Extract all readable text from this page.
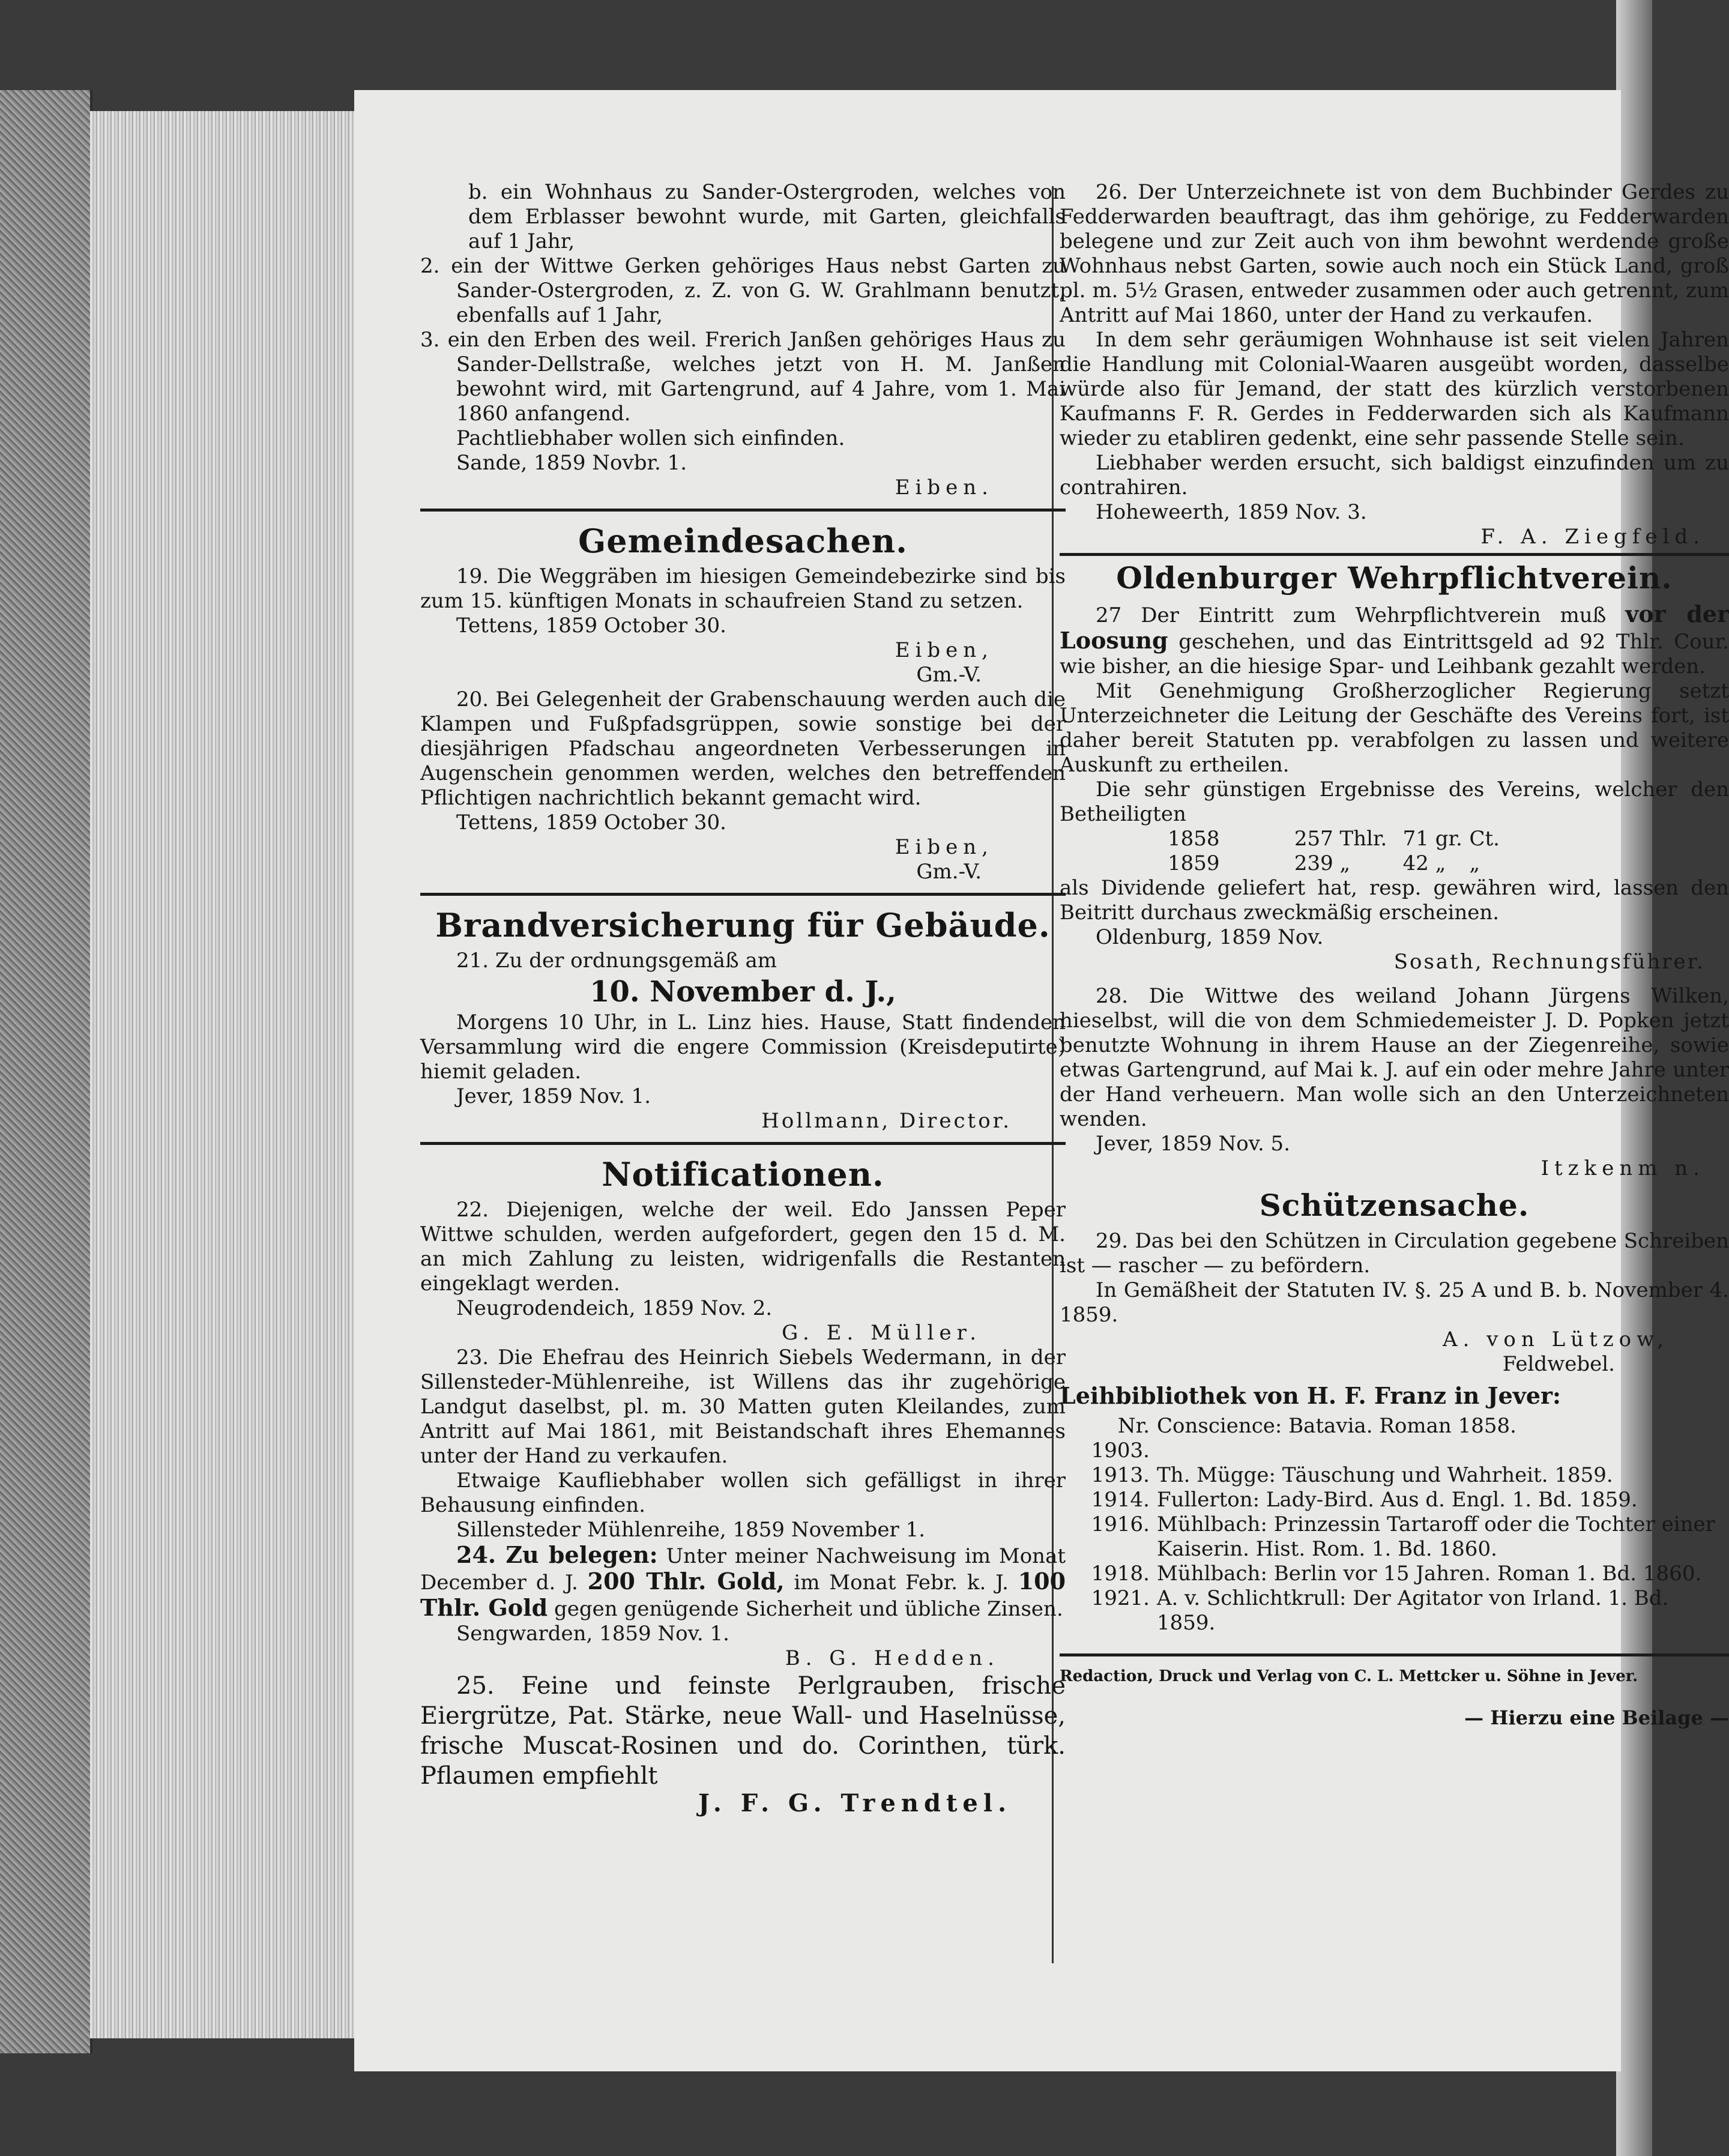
b. ein Wohnhaus zu Sander-Ostergroden, welches von dem Erblasser bewohnt wurde, mit Garten, gleichfalls auf 1 Jahr,

2. ein der Wittwe Gerken gehöriges Haus nebst Garten zu Sander-Ostergroden, z. Z. von G. W. Grahlmann benutzt, ebenfalls auf 1 Jahr,

3. ein den Erben des weil. Frerich Janßen gehöriges Haus zu Sander-Dellstraße, welches jetzt von H. M. Janßen bewohnt wird, mit Gartengrund, auf 4 Jahre, vom 1. Mai 1860 anfangend.

Pachtliebhaber wollen sich einfinden.

Sande, 1859 Novbr. 1.

Eiben.

Gemeindesachen.

19. Die Weggräben im hiesigen Gemeindebezirke sind bis zum 15. künftigen Monats in schaufreien Stand zu setzen.

Tettens, 1859 October 30.

Eiben,

Gm.-V.

20. Bei Gelegenheit der Grabenschauung werden auch die Klampen und Fußpfadsgrüppen, sowie sonstige bei der diesjährigen Pfadschau angeordneten Verbesserungen in Augenschein genommen werden, welches den betreffenden Pflichtigen nachrichtlich bekannt gemacht wird.

Tettens, 1859 October 30.

Eiben,

Gm.-V.

Brandversicherung für Gebäude.

21. Zu der ordnungsgemäß am

10. November d. J.,

Morgens 10 Uhr, in L. Linz hies. Hause, Statt findenden Versammlung wird die engere Commission (Kreisdeputirte) hiemit geladen.

Jever, 1859 Nov. 1.

Hollmann, Director.

Notificationen.

22. Diejenigen, welche der weil. Edo Janssen Peper Wittwe schulden, werden aufgefordert, gegen den 15 d. M. an mich Zahlung zu leisten, widrigenfalls die Restanten eingeklagt werden.

Neugrodendeich, 1859 Nov. 2.

G. E. Müller.

23. Die Ehefrau des Heinrich Siebels Wedermann, in der Sillensteder-Mühlenreihe, ist Willens das ihr zugehörige Landgut daselbst, pl. m. 30 Matten guten Kleilandes, zum Antritt auf Mai 1861, mit Beistandschaft ihres Ehemannes unter der Hand zu verkaufen.

Etwaige Kaufliebhaber wollen sich gefälligst in ihrer Behausung einfinden.

Sillensteder Mühlenreihe, 1859 November 1.

24. Zu belegen: Unter meiner Nachweisung im Monat December d. J. 200 Thlr. Gold, im Monat Febr. k. J. 100 Thlr. Gold gegen genügende Sicherheit und übliche Zinsen.

Sengwarden, 1859 Nov. 1.

B. G. Hedden.

25. Feine und feinste Perlgrauben, frische Eiergrütze, Pat. Stärke, neue Wall- und Haselnüsse, frische Muscat-Rosinen und do. Corinthen, türk. Pflaumen empfiehlt

J. F. G. Trendtel.

26. Der Unterzeichnete ist von dem Buchbinder Gerdes zu Fedderwarden beauftragt, das ihm gehörige, zu Fedderwarden belegene und zur Zeit auch von ihm bewohnt werdende große Wohnhaus nebst Garten, sowie auch noch ein Stück Land, groß pl. m. 5½ Grasen, entweder zusammen oder auch getrennt, zum Antritt auf Mai 1860, unter der Hand zu verkaufen.

In dem sehr geräumigen Wohnhause ist seit vielen Jahren die Handlung mit Colonial-Waaren ausgeübt worden, dasselbe würde also für Jemand, der statt des kürzlich verstorbenen Kaufmanns F. R. Gerdes in Fedderwarden sich als Kaufmann wieder zu etabliren gedenkt, eine sehr passende Stelle sein.

Liebhaber werden ersucht, sich baldigst einzufinden um zu contrahiren.

Hoheweerth, 1859 Nov. 3.

F. A. Ziegfeld.

Oldenburger Wehrpflichtverein.

27 Der Eintritt zum Wehrpflichtverein muß vor der Loosung geschehen, und das Eintrittsgeld ad 92 Thlr. Cour. wie bisher, an die hiesige Spar- und Leihbank gezahlt werden.

Mit Genehmigung Großherzoglicher Regierung setzt Unterzeichneter die Leitung der Geschäfte des Vereins fort, ist daher bereit Statuten pp. verabfolgen zu lassen und weitere Auskunft zu ertheilen.

Die sehr günstigen Ergebnisse des Vereins, welcher den Betheiligten

1858	257 Thlr. 71 gr. Ct.
1859	239 „	42 „ „

als Dividende geliefert hat, resp. gewähren wird, lassen den Beitritt durchaus zweckmäßig erscheinen.

Oldenburg, 1859 Nov.

Sosath, Rechnungsführer.

28. Die Wittwe des weiland Johann Jürgens Wilken, hieselbst, will die von dem Schmiedemeister J. D. Popken jetzt benutzte Wohnung in ihrem Hause an der Ziegenreihe, sowie etwas Gartengrund, auf Mai k. J. auf ein oder mehre Jahre unter der Hand verheuern. Man wolle sich an den Unterzeichneten wenden.

Jever, 1859 Nov. 5.

Itzkenm n.

Schützensache.

29. Das bei den Schützen in Circulation gegebene Schreiben ist — rascher — zu befördern.

In Gemäßheit der Statuten IV. §. 25 A und B. b. November 4. 1859.

A. von Lützow,

Feldwebel.

Leihbibliothek von H. F. Franz in Jever:

Nr. 1903.
Conscience: Batavia. Roman 1858.
1913. Th. Mügge: Täuschung und Wahrheit. 1859.
1914. Fullerton: Lady-Bird. Aus d. Engl. 1. Bd. 1859.
1916. Mühlbach: Prinzessin Tartaroff oder die Tochter einer Kaiserin. Hist. Rom. 1. Bd. 1860.
1918. Mühlbach: Berlin vor 15 Jahren. Roman 1. Bd. 1860.
1921. A. v. Schlichtkrull: Der Agitator von Irland. 1. Bd. 1859.

Redaction, Druck und Verlag von C. L. Mettcker u. Söhne in Jever.

— Hierzu eine Beilage —
